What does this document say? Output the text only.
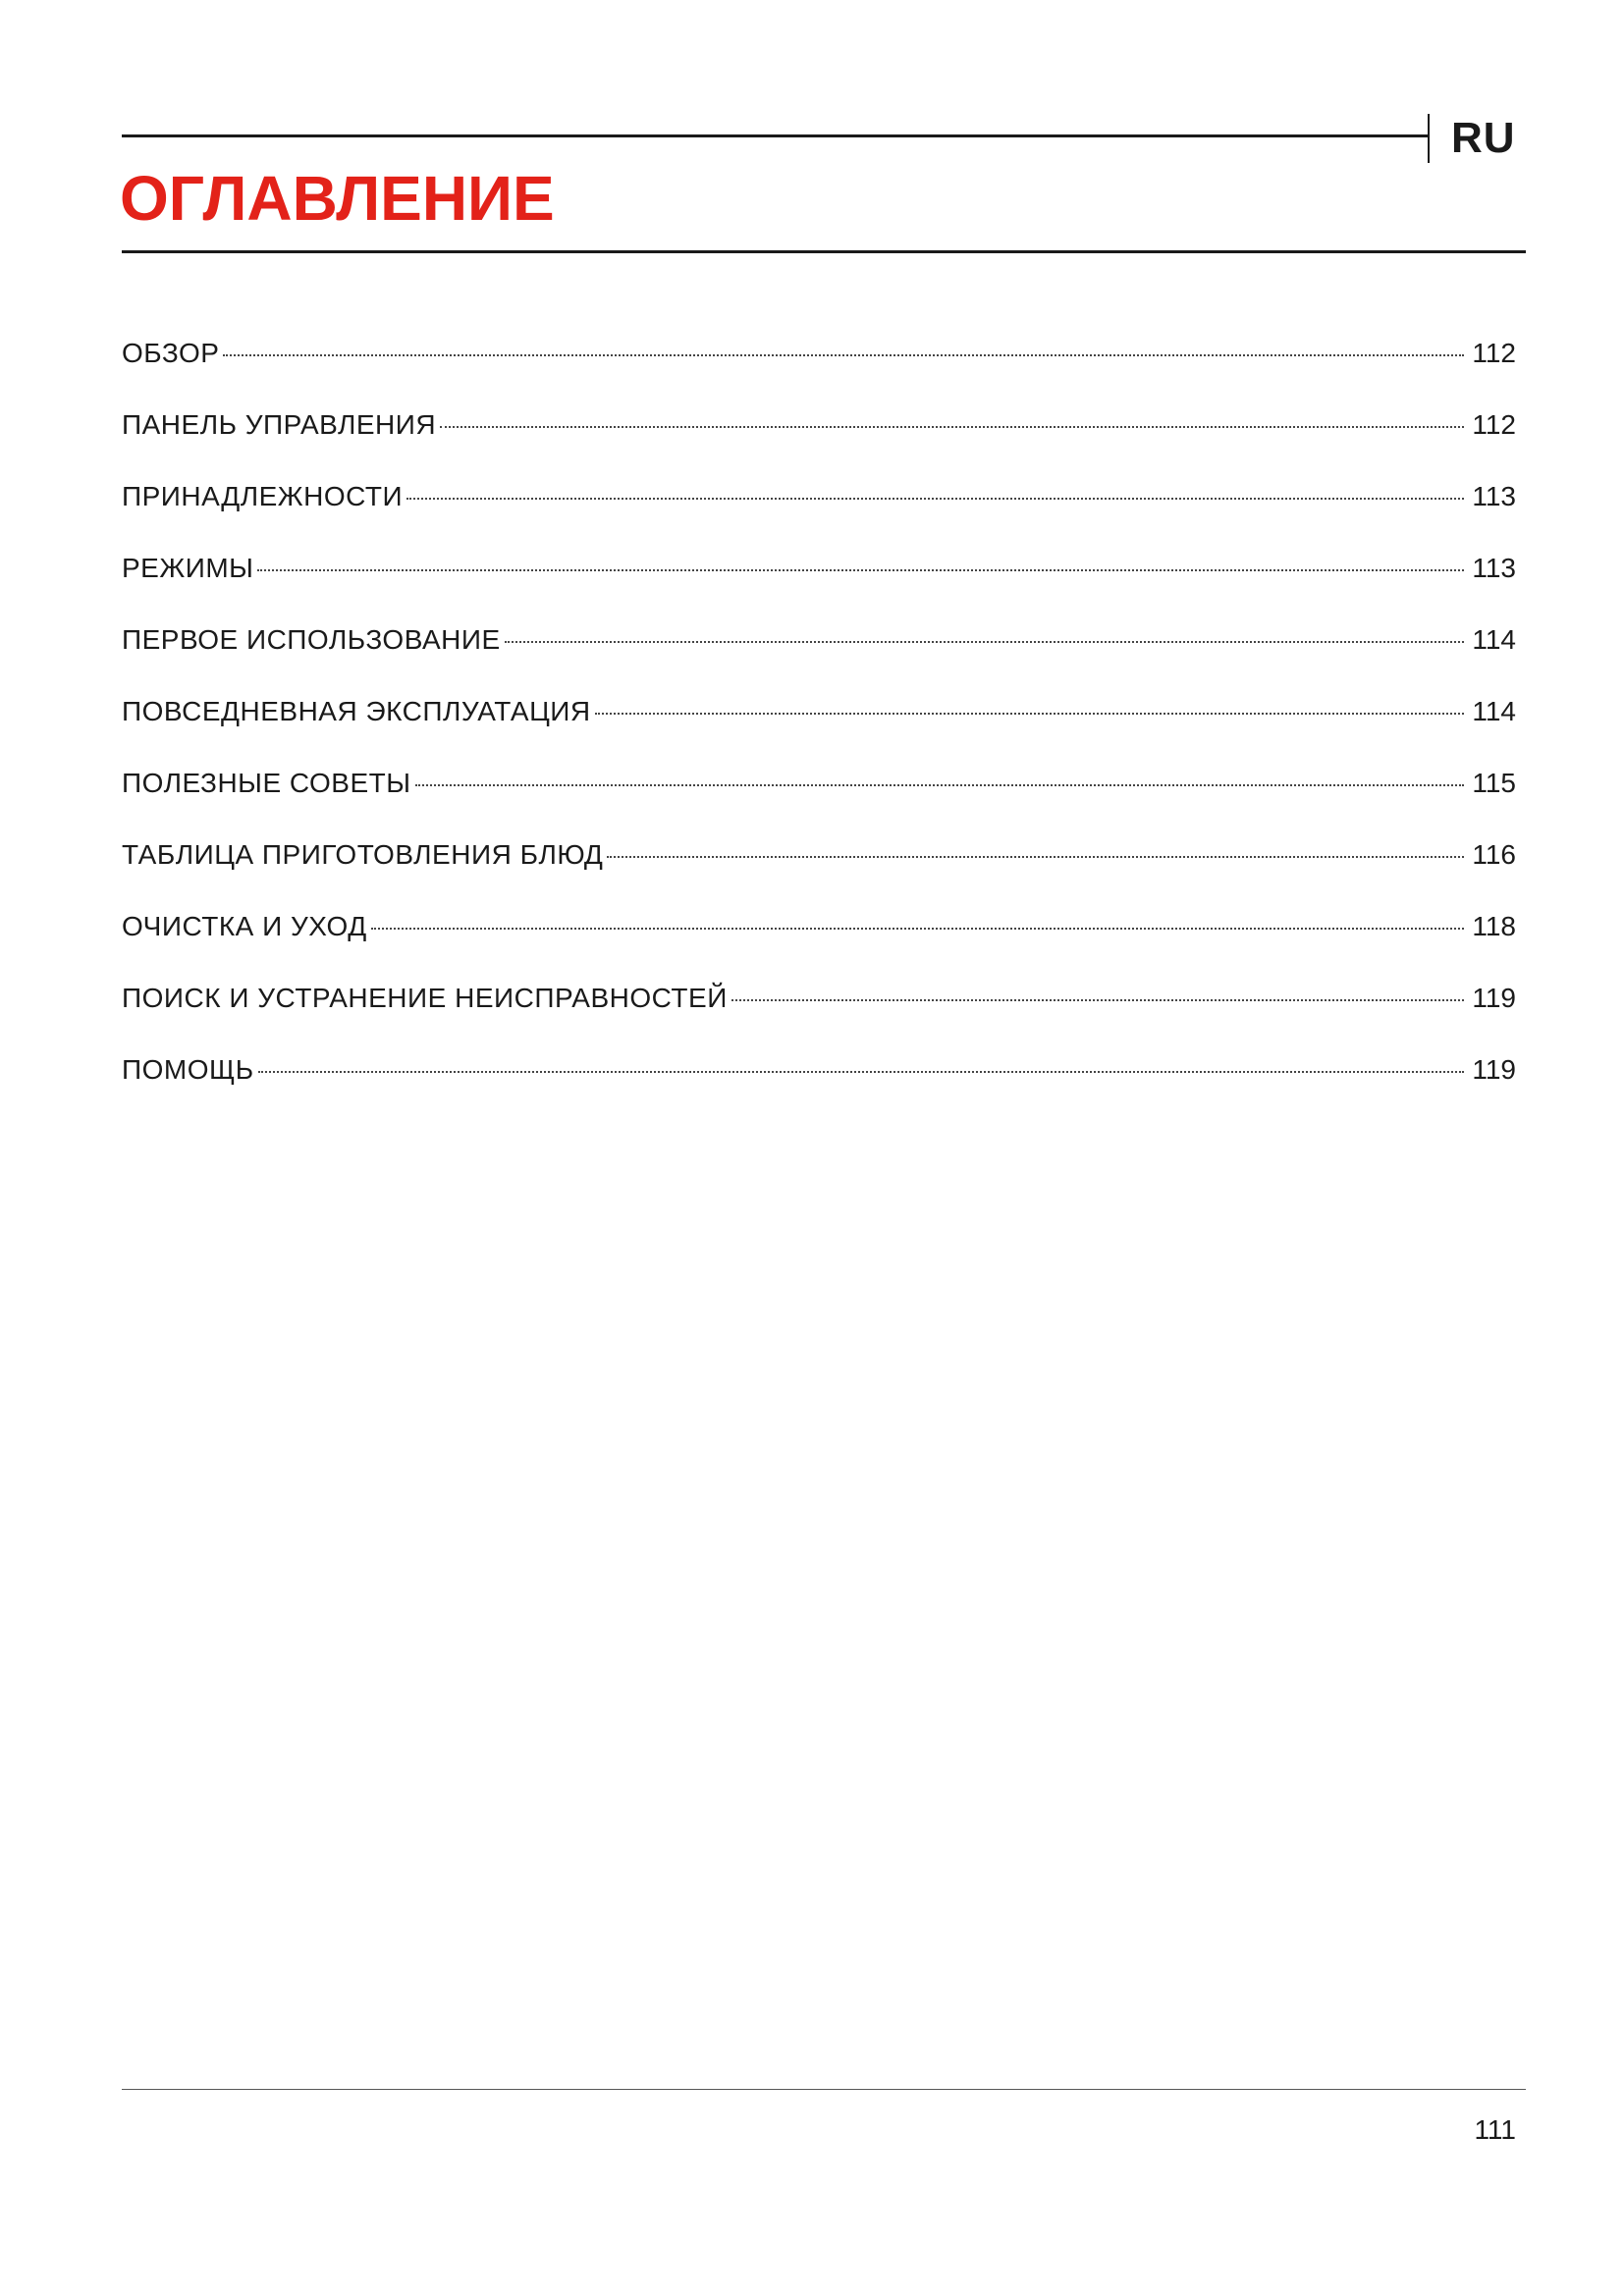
RU
ОГЛАВЛЕНИЕ
ОБЗОР	112
ПАНЕЛЬ УПРАВЛЕНИЯ	112
ПРИНАДЛЕЖНОСТИ	113
РЕЖИМЫ	113
ПЕРВОЕ ИСПОЛЬЗОВАНИЕ	114
ПОВСЕДНЕВНАЯ ЭКСПЛУАТАЦИЯ	114
ПОЛЕЗНЫЕ СОВЕТЫ	115
ТАБЛИЦА ПРИГОТОВЛЕНИЯ БЛЮД	116
ОЧИСТКА И УХОД	118
ПОИСК И УСТРАНЕНИЕ НЕИСПРАВНОСТЕЙ	119
ПОМОЩЬ	119
111
